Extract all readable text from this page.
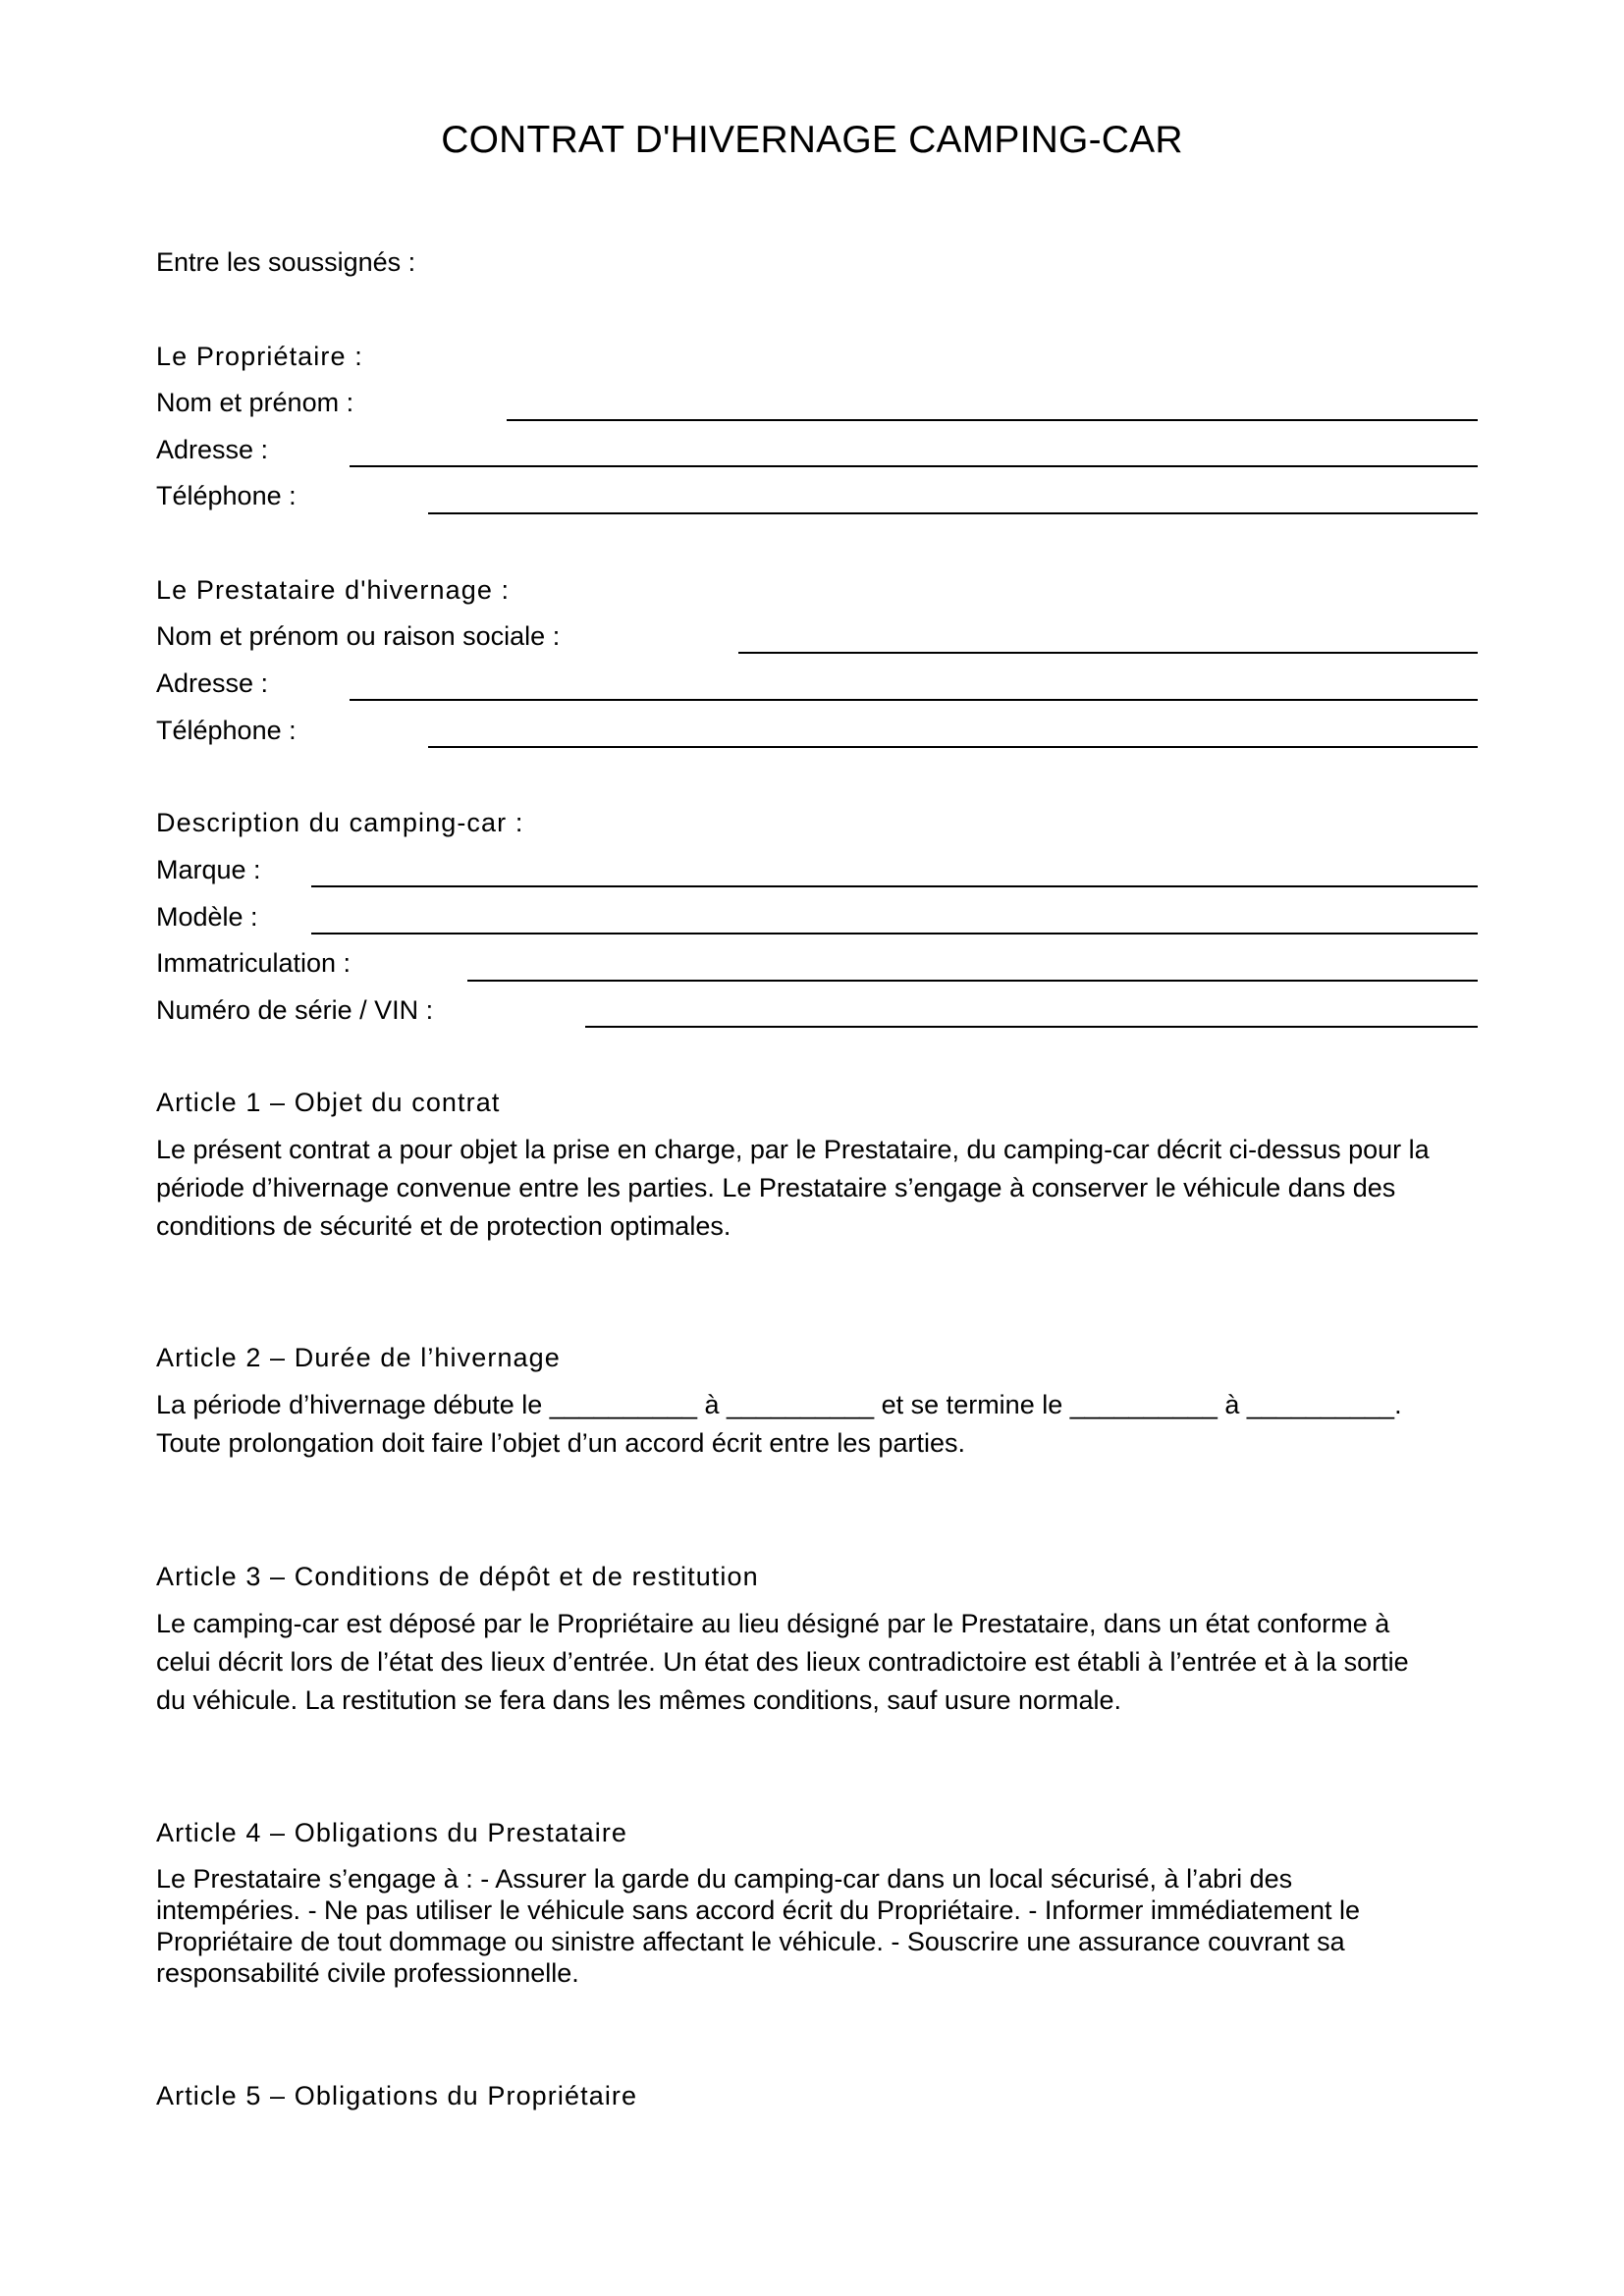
CONTRAT D'HIVERNAGE CAMPING-CAR
Entre les soussignés :
Le Propriétaire :
Nom et prénom :
Adresse :
Téléphone :
Le Prestataire d'hivernage :
Nom et prénom ou raison sociale :
Adresse :
Téléphone :
Description du camping-car :
Marque :
Modèle :
Immatriculation :
Numéro de série / VIN :
Article 1 – Objet du contrat
Le présent contrat a pour objet la prise en charge, par le Prestataire, du camping-car décrit ci-dessus pour la
période d’hivernage convenue entre les parties. Le Prestataire s’engage à conserver le véhicule dans des
conditions de sécurité et de protection optimales.
Article 2 – Durée de l’hivernage
La période d’hivernage débute le __________ à __________ et se termine le __________ à __________.
Toute prolongation doit faire l’objet d’un accord écrit entre les parties.
Article 3 – Conditions de dépôt et de restitution
Le camping-car est déposé par le Propriétaire au lieu désigné par le Prestataire, dans un état conforme à
celui décrit lors de l’état des lieux d’entrée. Un état des lieux contradictoire est établi à l’entrée et à la sortie
du véhicule. La restitution se fera dans les mêmes conditions, sauf usure normale.
Article 4 – Obligations du Prestataire
Le Prestataire s’engage à : - Assurer la garde du camping-car dans un local sécurisé, à l’abri des
intempéries. - Ne pas utiliser le véhicule sans accord écrit du Propriétaire. - Informer immédiatement le
Propriétaire de tout dommage ou sinistre affectant le véhicule. - Souscrire une assurance couvrant sa
responsabilité civile professionnelle.
Article 5 – Obligations du Propriétaire
